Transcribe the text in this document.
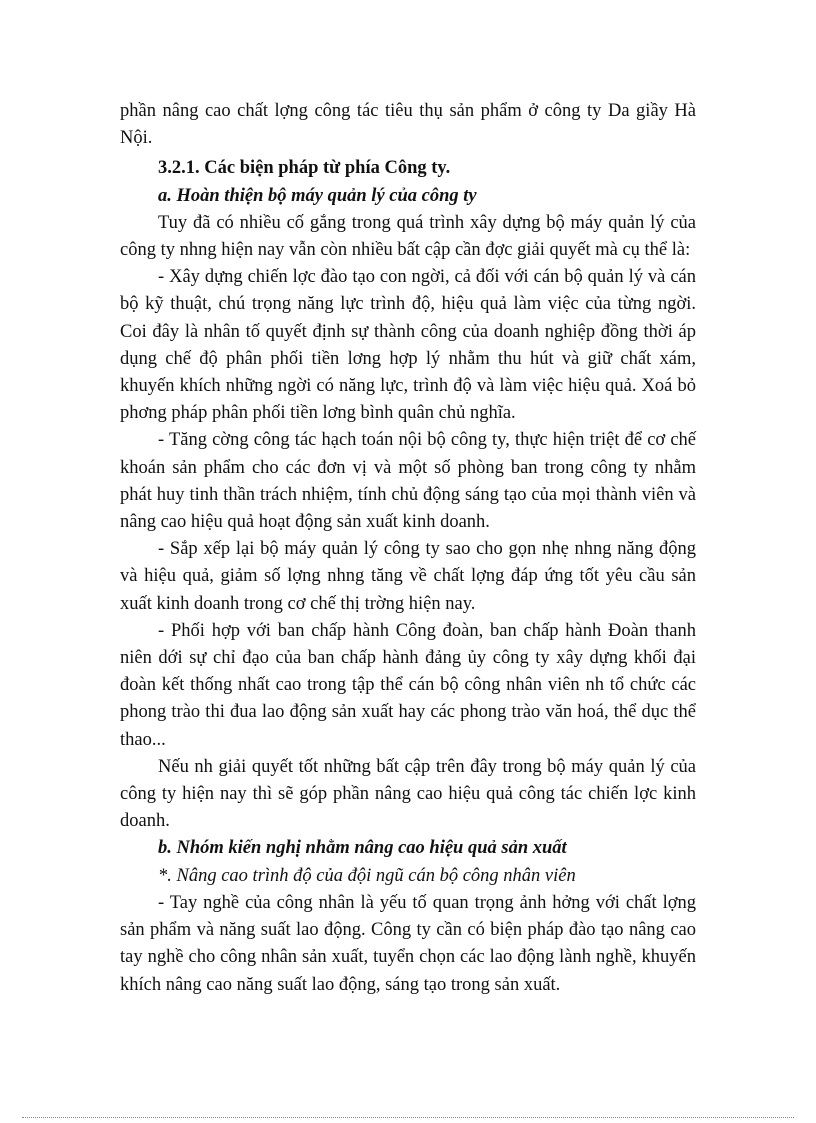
phần nâng cao chất lợng công tác tiêu thụ sản phẩm ở công ty Da giầy Hà Nội.

3.2.1. Các biện pháp từ phía Công ty.

a. Hoàn thiện bộ máy quản lý của công ty

Tuy đã có nhiều cố gắng trong quá trình xây dựng bộ máy quản lý của công ty nhng hiện nay vẫn còn nhiều bất cập cần đợc giải quyết mà cụ thể là:

- Xây dựng chiến lợc đào tạo con ngời, cả đối với cán bộ quản lý và cán bộ kỹ thuật, chú trọng năng lực trình độ, hiệu quả làm việc của từng ngời. Coi đây là nhân tố quyết định sự thành công của doanh nghiệp đồng thời áp dụng chế độ phân phối tiền lơng hợp lý nhằm thu hút và giữ chất xám, khuyến khích những ngời có năng lực, trình độ và làm việc hiệu quả. Xoá bỏ phơng pháp phân phối tiền lơng bình quân chủ nghĩa.

- Tăng cờng công tác hạch toán nội bộ công ty, thực hiện triệt để cơ chế khoán sản phẩm cho các đơn vị và một số phòng ban trong công ty nhằm phát huy tinh thần trách nhiệm, tính chủ động sáng tạo của mọi thành viên và nâng cao hiệu quả hoạt động sản xuất kinh doanh.

- Sắp xếp lại bộ máy quản lý công ty sao cho gọn nhẹ nhng năng động và hiệu quả, giảm số lợng nhng tăng về chất lợng đáp ứng tốt yêu cầu sản xuất kinh doanh trong cơ chế thị trờng hiện nay.

- Phối hợp với ban chấp hành Công đoàn, ban chấp hành Đoàn thanh niên dới sự chỉ đạo của ban chấp hành đảng ủy công ty xây dựng khối đại đoàn kết thống nhất cao trong tập thể cán bộ công nhân viên nh tổ chức các phong trào thi đua lao động sản xuất hay các phong trào văn hoá, thể dục thể thao...

Nếu nh giải quyết tốt những bất cập trên đây trong bộ máy quản lý của công ty hiện nay thì sẽ góp phần nâng cao hiệu quả công tác chiến lợc kinh doanh.

b. Nhóm kiến nghị nhằm nâng cao hiệu quả sản xuất

*. Nâng cao trình độ của đội ngũ cán bộ công nhân viên

- Tay nghề của công nhân là yếu tố quan trọng ảnh hởng với chất lợng sản phẩm và năng suất lao động. Công ty cần có biện pháp đào tạo nâng cao tay nghề cho công nhân sản xuất, tuyển chọn các lao động lành nghề, khuyến khích nâng cao năng suất lao động, sáng tạo trong sản xuất.
